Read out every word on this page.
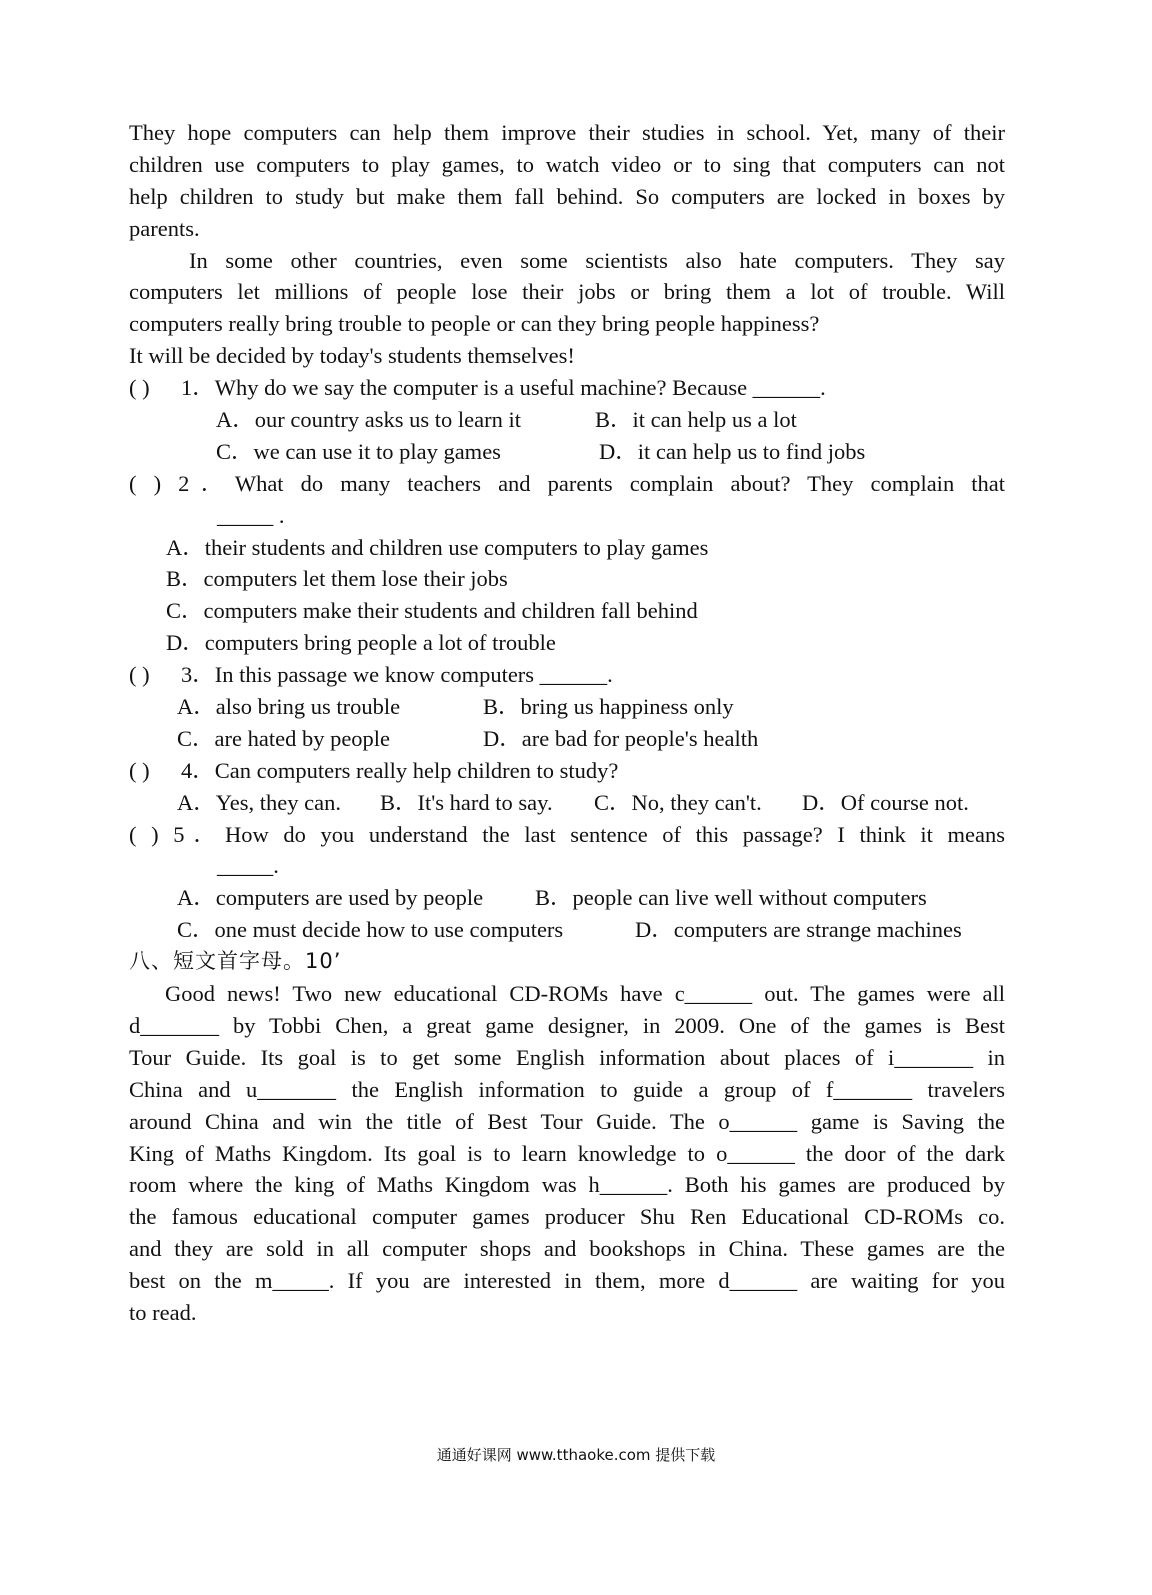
They hope computers can help them improve their studies in school. Yet, many of their
children use computers to play games, to watch video or to sing that computers can not
help children to study but make them fall behind. So computers are locked in boxes by
parents.
In some other countries, even some scientists also hate computers. They say
computers let millions of people lose their jobs or bring them a lot of trouble. Will
computers really bring trouble to people or can they bring people happiness?
It will be decided by today's students themselves!
( ) 1．Why do we say the computer is a useful machine? Because ______.
A．our country asks us to learn it	B．it can help us a lot
C．we can use it to play games	D．it can help us to find jobs
( ) 2．What do many teachers and parents complain about? They complain that
_____ .
A．their students and children use computers to play games
B．computers let them lose their jobs
C．computers make their students and children fall behind
D．computers bring people a lot of trouble
( ) 3．In this passage we know computers ______.
A．also bring us trouble	B．bring us happiness only
C．are hated by people	D．are bad for people's health
( ) 4．Can computers really help children to study?
A．Yes, they can. B．It's hard to say. C．No, they can't. D．Of course not.
( ) 5．How do you understand the last sentence of this passage? I think it means
_____.
A．computers are used by people B．people can live well without computers
C．one must decide how to use computers	D．computers are strange machines
八、短文首字母。10’
Good news! Two new educational CD-ROMs have c______ out. The games were all
d_______ by Tobbi Chen, a great game designer, in 2009. One of the games is Best
Tour Guide. Its goal is to get some English information about places of i_______ in
China and u_______ the English information to guide a group of f_______ travelers
around China and win the title of Best Tour Guide. The o______ game is Saving the
King of Maths Kingdom. Its goal is to learn knowledge to o______ the door of the dark
room where the king of Maths Kingdom was h______. Both his games are produced by
the famous educational computer games producer Shu Ren Educational CD-ROMs co.
and they are sold in all computer shops and bookshops in China. These games are the
best on the m_____. If you are interested in them, more d______ are waiting for you
to read.
通通好课网 www.tthaoke.com 提供下载
